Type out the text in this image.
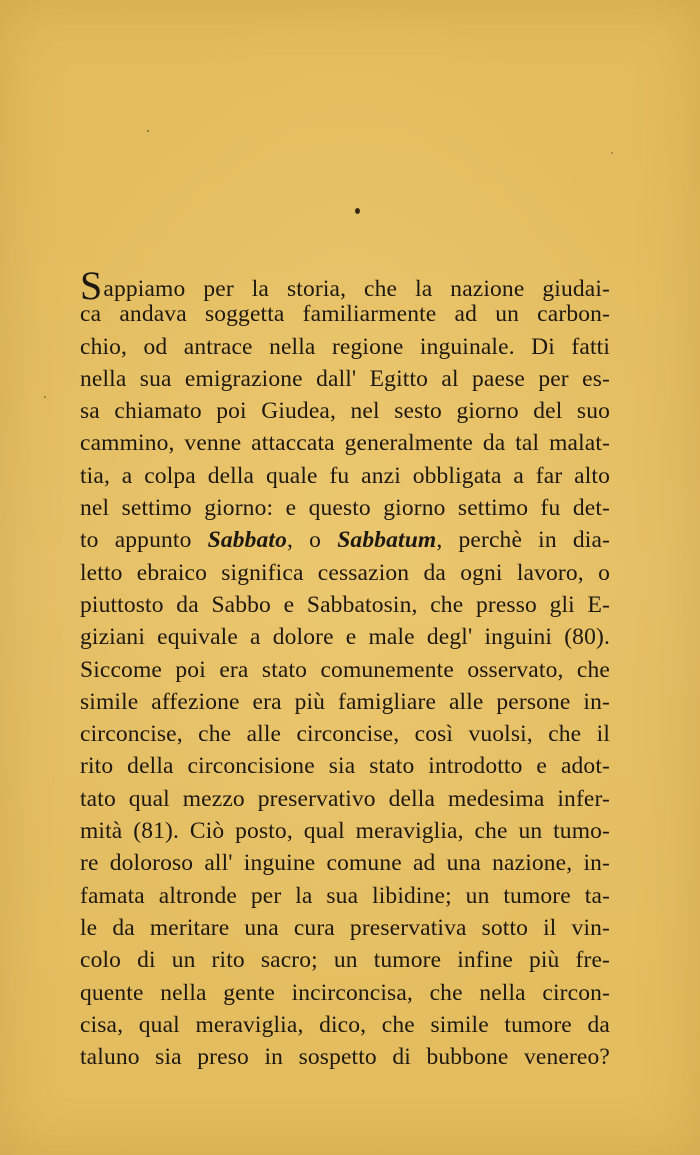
Sappiamo per la storia, che la nazione giudai-
ca andava soggetta familiarmente ad un carbon-
chio, od antrace nella regione inguinale. Di fatti
nella sua emigrazione dall' Egitto al paese per es-
sa chiamato poi Giudea, nel sesto giorno del suo
cammino, venne attaccata generalmente da tal malat-
tia, a colpa della quale fu anzi obbligata a far alto
nel settimo giorno: e questo giorno settimo fu det-
to appunto Sabbato, o Sabbatum, perchè in dia-
letto ebraico significa cessazion da ogni lavoro, o
piuttosto da Sabbo e Sabbatosin, che presso gli E-
giziani equivale a dolore e male degl' inguini (80).
Siccome poi era stato comunemente osservato, che
simile affezione era più famigliare alle persone in-
circoncise, che alle circoncise, così vuolsi, che il
rito della circoncisione sia stato introdotto e adot-
tato qual mezzo preservativo della medesima infer-
mità (81). Ciò posto, qual meraviglia, che un tumo-
re doloroso all' inguine comune ad una nazione, in-
famata altronde per la sua libidine; un tumore ta-
le da meritare una cura preservativa sotto il vin-
colo di un rito sacro; un tumore infine più fre-
quente nella gente incirconcisa, che nella circon-
cisa, qual meraviglia, dico, che simile tumore da
taluno sia preso in sospetto di bubbone venereo?
